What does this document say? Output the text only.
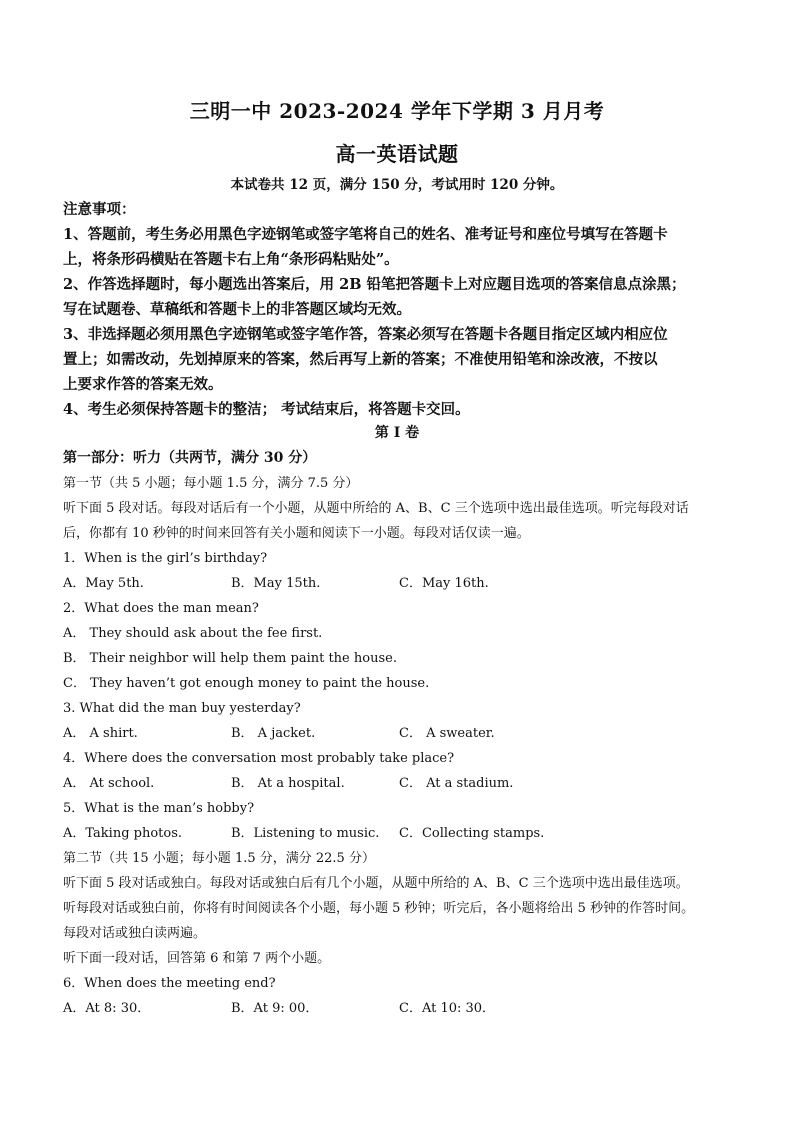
三明一中 2023-2024 学年下学期 3 月月考
高一英语试题
本试卷共 12 页，满分 150 分，考试用时 120 分钟。

注意事项：

1、答题前，考生务必用黑色字迹钢笔或签字笔将自己的姓名、准考证号和座位号填写在答题卡

上，将条形码横贴在答题卡右上角“条形码粘贴处”。

2、作答选择题时，每小题选出答案后，用 2B 铅笔把答题卡上对应题目选项的答案信息点涂黑；

写在试题卷、草稿纸和答题卡上的非答题区域均无效。

3、非选择题必须用黑色字迹钢笔或签字笔作答，答案必须写在答题卡各题目指定区域内相应位

置上；如需改动，先划掉原来的答案，然后再写上新的答案；不准使用铅笔和涂改液，不按以

上要求作答的答案无效。

4、考生必须保持答题卡的整洁； 考试结束后，将答题卡交回。

第 I 卷

第一部分：听力（共两节，满分 30 分）

第一节（共 5 小题；每小题 1.5 分，满分 7.5 分）

听下面 5 段对话。每段对话后有一个小题，从题中所给的 A、B、C 三个选项中选出最佳选项。听完每段对话

后，你都有 10 秒钟的时间来回答有关小题和阅读下一小题。每段对话仅读一遍。

1．When is the girl’s birthday?

A．May 5th.	B．May 15th.	C．May 16th.

2．What does the man mean?

A． They should ask about the fee first.

B． Their neighbor will help them paint the house.

C． They haven’t got enough money to paint the house.

3. What did the man buy yesterday?

A． A shirt.	B． A jacket.	C． A sweater.

4．Where does the conversation most probably take place?

A． At school.	B． At a hospital.	C． At a stadium.

5．What is the man’s hobby?

A．Taking photos.	B．Listening to music.	C．Collecting stamps.

第二节（共 15 小题；每小题 1.5 分，满分 22.5 分）

听下面 5 段对话或独白。每段对话或独白后有几个小题，从题中所给的 A、B、C 三个选项中选出最佳选项。

听每段对话或独白前，你将有时间阅读各个小题，每小题 5 秒钟；听完后，各小题将给出 5 秒钟的作答时间。

每段对话或独白读两遍。

听下面一段对话，回答第 6 和第 7 两个小题。

6．When does the meeting end?

A．At 8: 30．	B．At 9: 00．	C．At 10: 30．
